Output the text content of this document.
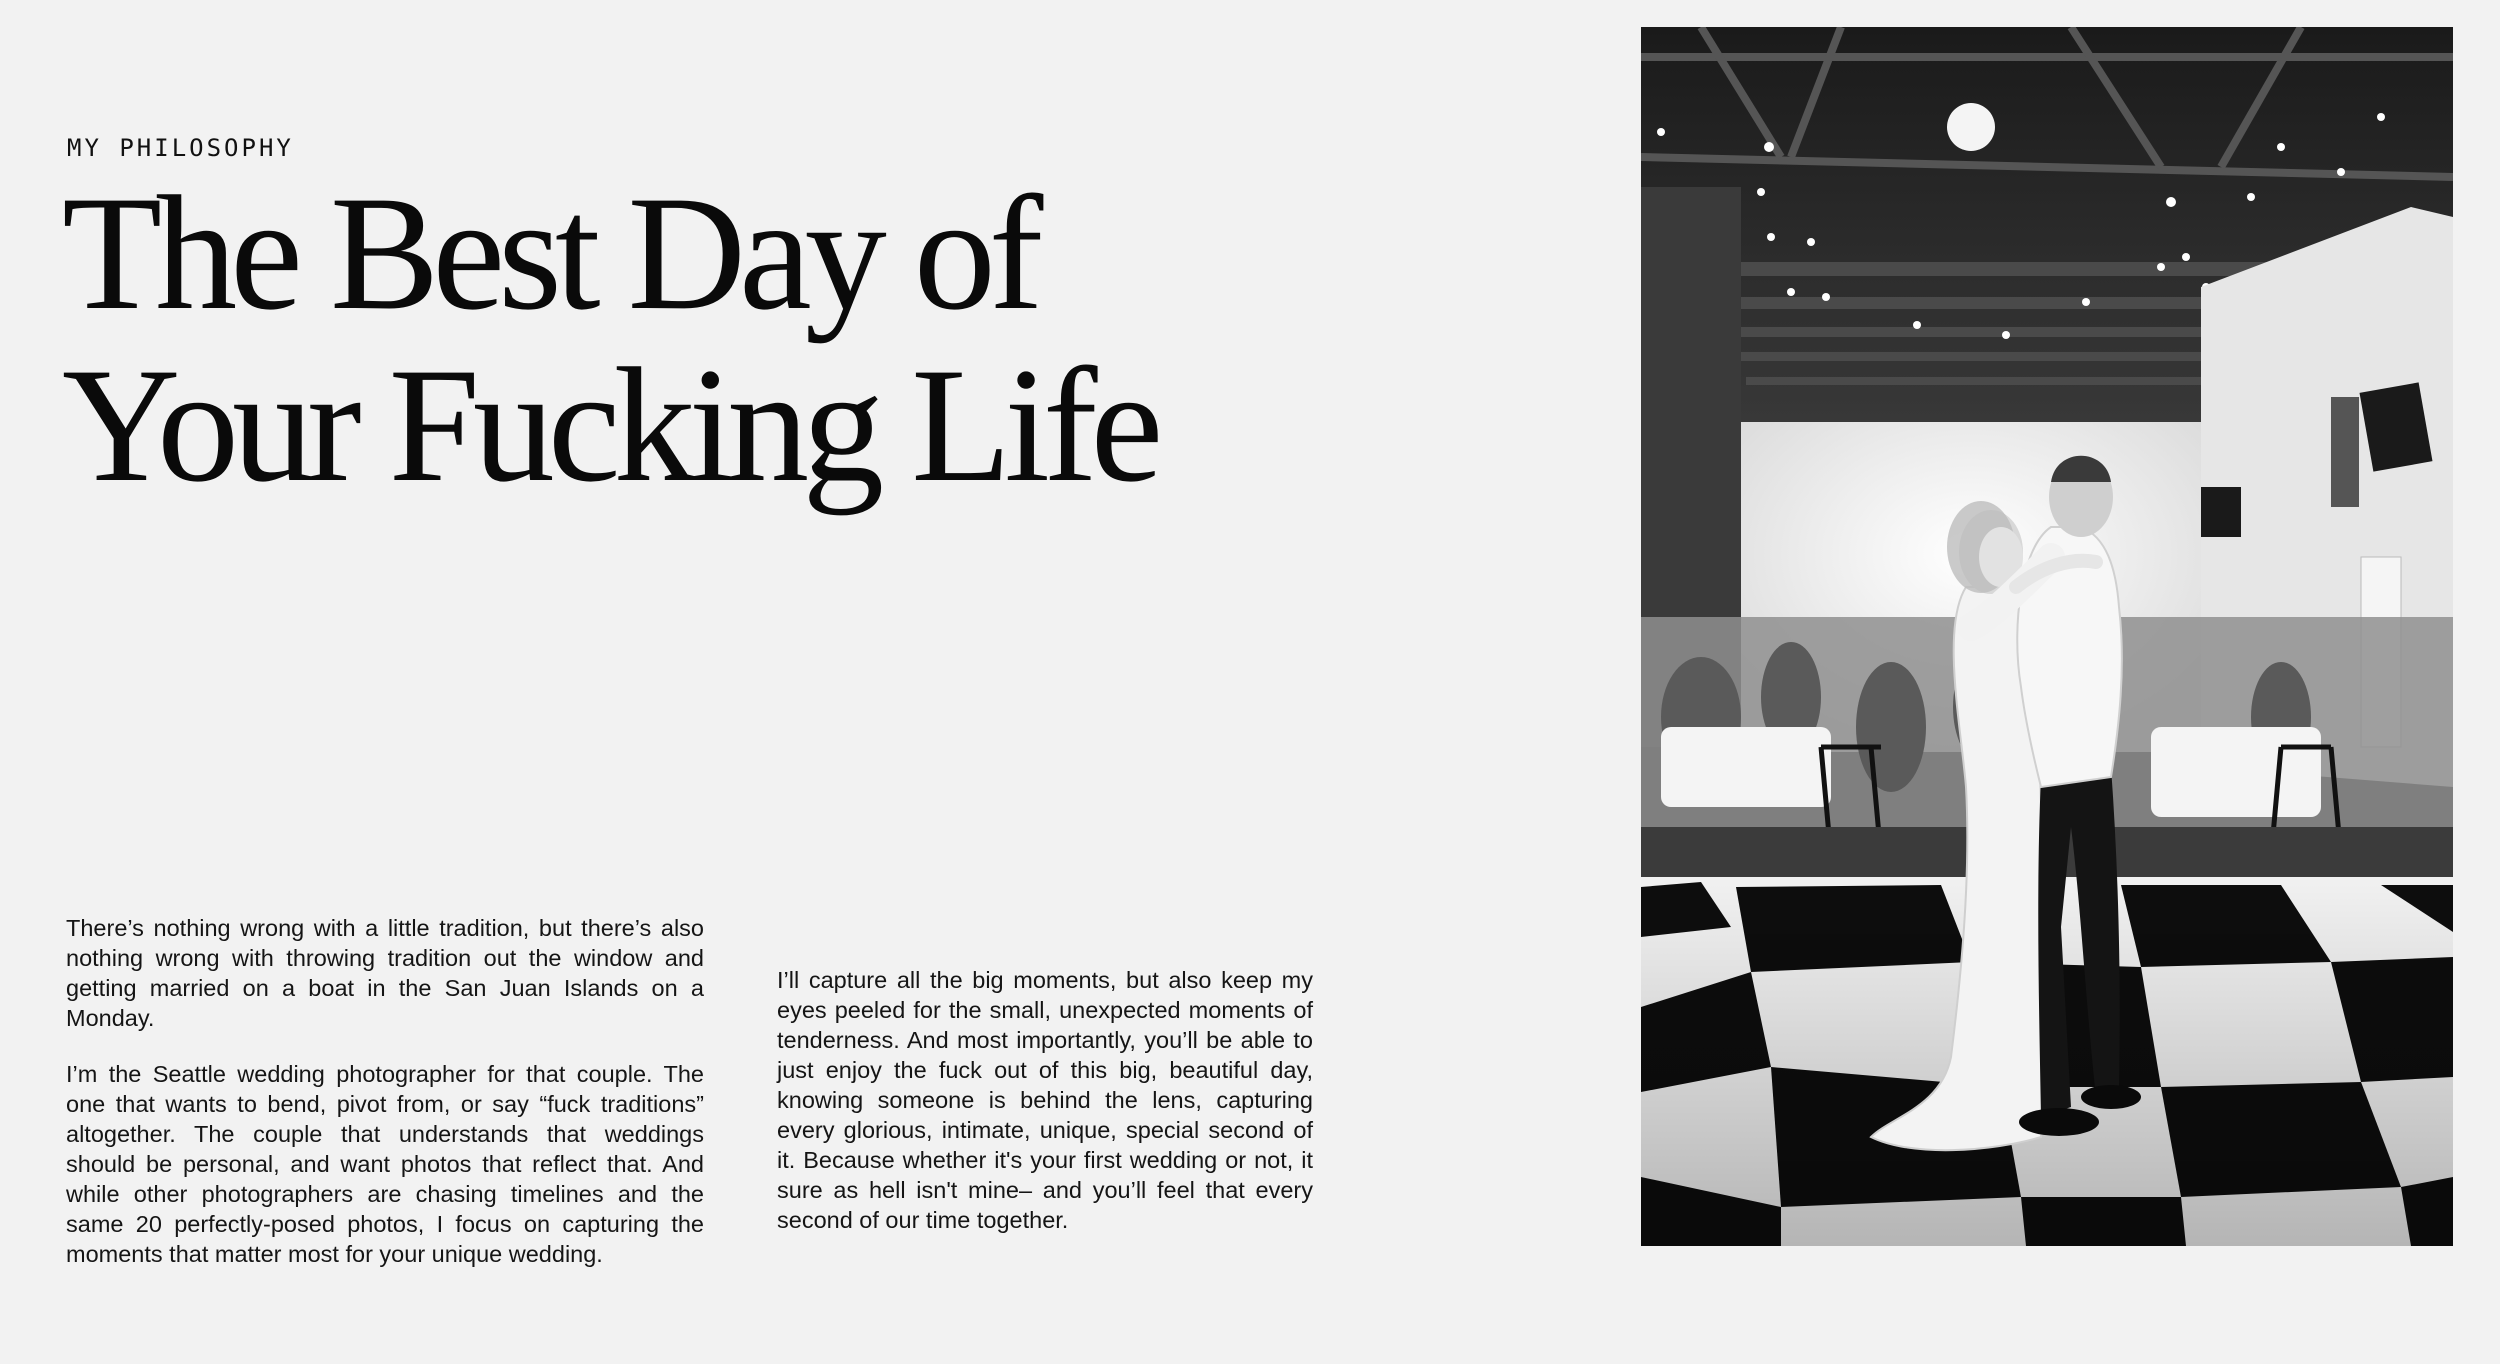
MY PHILOSOPHY
The Best Day of
Your Fucking Life

There’s nothing wrong with a little tradition, but there’s also nothing wrong with throwing tradition out the window and getting married on a boat in the San Juan Islands on a Monday.

I’m the Seattle wedding photographer for that couple. The one that wants to bend, pivot from, or say “fuck traditions” altogether. The couple that understands that weddings should be personal, and want photos that reflect that. And while other photographers are chasing timelines and the same 20 perfectly-posed photos, I focus on capturing the moments that matter most for your unique wedding.

I’ll capture all the big moments, but also keep my eyes peeled for the small, unexpected moments of tenderness. And most importantly, you’ll be able to just enjoy the fuck out of this big, beautiful day, knowing someone is behind the lens, capturing every glorious, intimate, unique, special second of it. Because whether it's your first wedding or not, it sure as hell isn't mine– and you’ll feel that every second of our time together.
